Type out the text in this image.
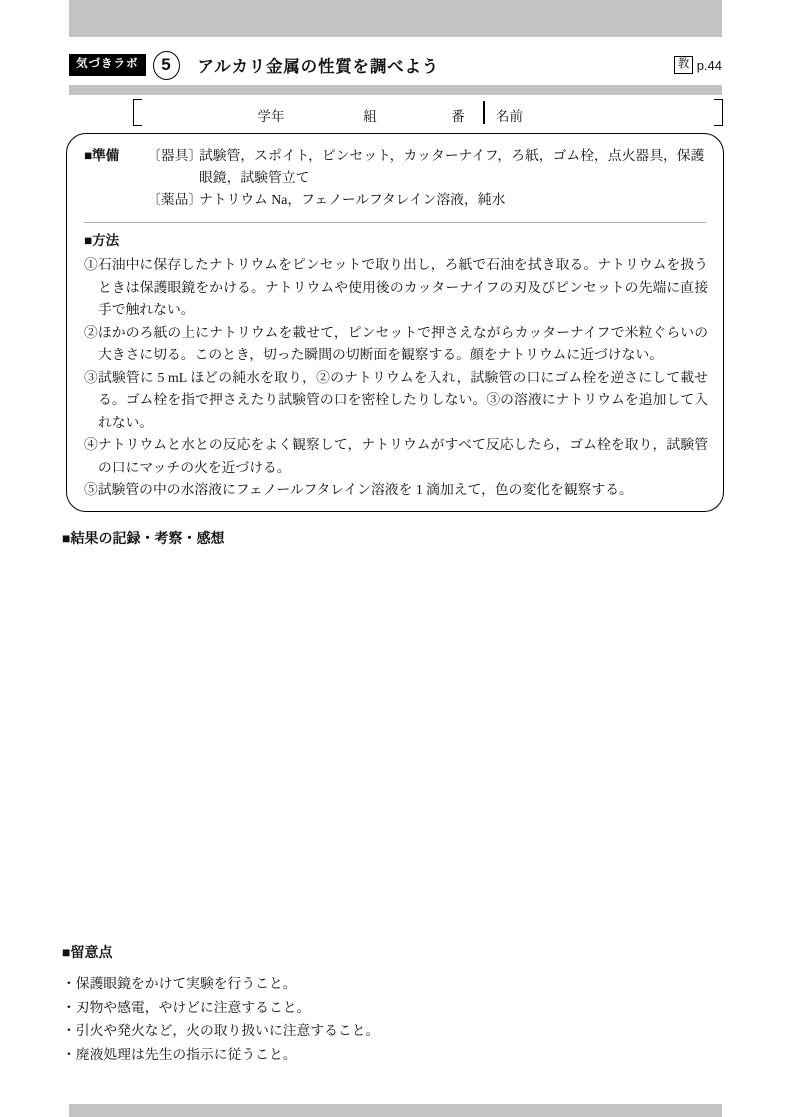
気づきラボ	5	アルカリ金属の性質を調べよう	教 p.44
学年	組	番 名前
■準備	〔器具〕
試験管，スポイト，ピンセット，カッターナイフ，ろ紙，ゴム栓，点火器具，保護眼鏡，試験管立て
〔薬品〕
ナトリウム Na，フェノールフタレイン溶液，純水
■方法

①石油中に保存したナトリウムをピンセットで取り出し，ろ紙で石油を拭き取る。ナトリウムを扱うときは保護眼鏡をかける。ナトリウムや使用後のカッターナイフの刃及びピンセットの先端に直接手で触れない。

②ほかのろ紙の上にナトリウムを載せて，ピンセットで押さえながらカッターナイフで米粒ぐらいの大きさに切る。このとき，切った瞬間の切断面を観察する。顔をナトリウムに近づけない。

③試験管に 5 mL ほどの純水を取り，②のナトリウムを入れ，試験管の口にゴム栓を逆さにして載せる。ゴム栓を指で押さえたり試験管の口を密栓したりしない。③の溶液にナトリウムを追加して入れない。

④ナトリウムと水との反応をよく観察して，ナトリウムがすべて反応したら，ゴム栓を取り，試験管の口にマッチの火を近づける。

⑤試験管の中の水溶液にフェノールフタレイン溶液を 1 滴加えて，色の変化を観察する。

■結果の記録・考察・感想

■留意点

・保護眼鏡をかけて実験を行うこと。
・刃物や感電，やけどに注意すること。
・引火や発火など，火の取り扱いに注意すること。
・廃液処理は先生の指示に従うこと。
